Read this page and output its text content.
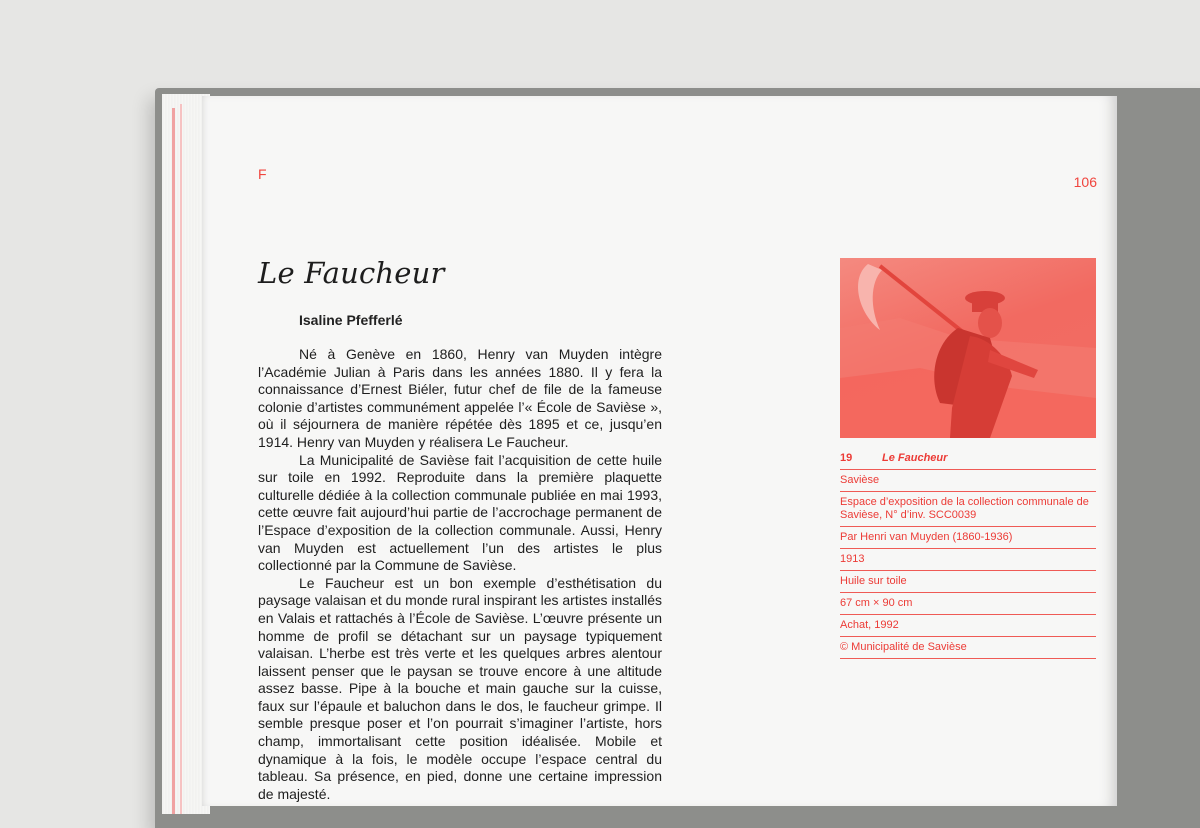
F	106
Le Faucheur
Isaline Pfefferlé

Né à Genève en 1860, Henry van Muyden intègre l’Académie Julian à Paris dans les années 1880. Il y fera la connaissance d’Ernest Biéler, futur chef de file de la fameuse colonie d’artistes communément appelée l’« École de Savièse », où il séjournera de manière répétée dès 1895 et ce, jusqu’en 1914. Henry van Muyden y réalisera Le Faucheur.

La Municipalité de Savièse fait l’acquisition de cette huile sur toile en 1992. Reproduite dans la première plaquette culturelle dédiée à la collection communale publiée en mai 1993, cette œuvre fait aujourd’hui partie de l’accrochage permanent de l’Espace d’exposition de la collection communale. Aussi, Henry van Muyden est actuellement l’un des artistes le plus collectionné par la Commune de Savièse.

Le Faucheur est un bon exemple d’esthétisation du paysage valaisan et du monde rural inspirant les artistes installés en Valais et rattachés à l’École de Savièse. L’œuvre présente un homme de profil se détachant sur un paysage typiquement valaisan. L’herbe est très verte et les quelques arbres alentour laissent penser que le paysan se trouve encore à une altitude assez basse. Pipe à la bouche et main gauche sur la cuisse, faux sur l’épaule et baluchon dans le dos, le faucheur grimpe. Il semble presque poser et l’on pourrait s’imaginer l’artiste, hors champ, immortalisant cette position idéalisée. Mobile et dynamique à la fois, le modèle occupe l’espace central du tableau. Sa présence, en pied, donne une certaine impression de majesté.

19	Le Faucheur
Savièse
Espace d’exposition de la collection communale de Savièse, N° d’inv. SCC0039
Par Henri van Muyden (1860-1936)
1913
Huile sur toile
67 cm × 90 cm
Achat, 1992
© Municipalité de Savièse
